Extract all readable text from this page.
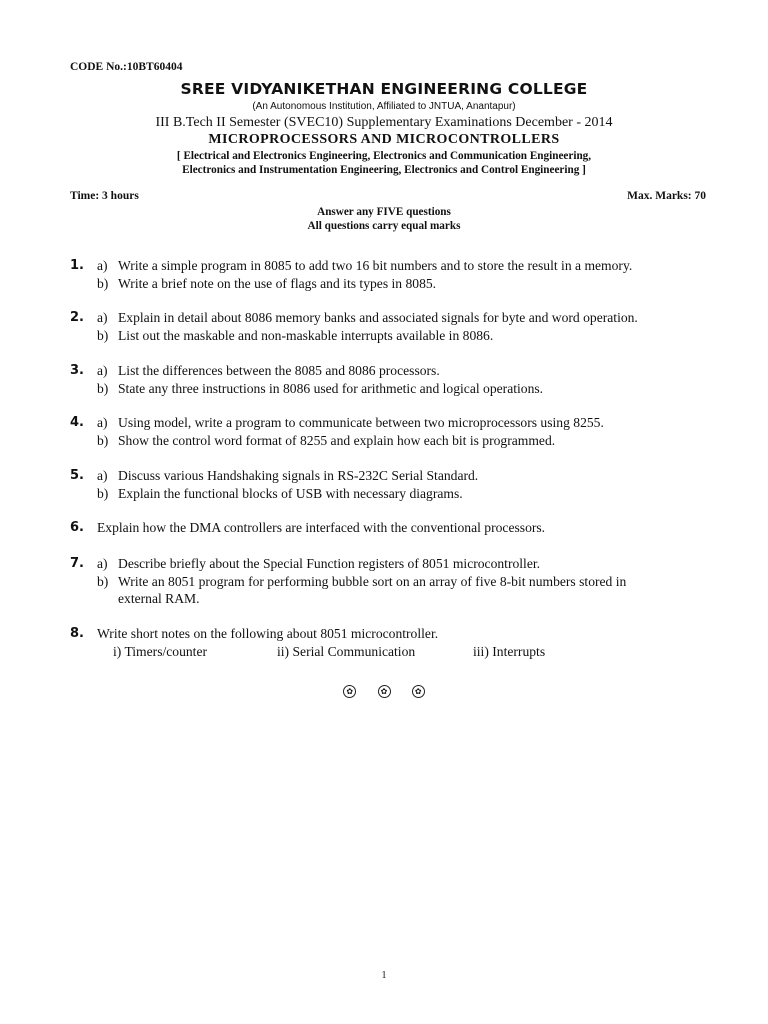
CODE No.:10BT60404
SREE VIDYANIKETHAN ENGINEERING COLLEGE
(An Autonomous Institution, Affiliated to JNTUA, Anantapur)
III B.Tech II Semester (SVEC10) Supplementary Examinations December - 2014
MICROPROCESSORS AND MICROCONTROLLERS
[ Electrical and Electronics Engineering, Electronics and Communication Engineering,
Electronics and Instrumentation Engineering, Electronics and Control Engineering ]
Time: 3 hours	Max. Marks: 70
Answer any FIVE questions
All questions carry equal marks
1. a) Write a simple program in 8085 to add two 16 bit numbers and to store the result in a memory.
b) Write a brief note on the use of flags and its types in 8085.
2. a) Explain in detail about 8086 memory banks and associated signals for byte and word operation.
b) List out the maskable and non-maskable interrupts available in 8086.
3. a) List the differences between the 8085 and 8086 processors.
b) State any three instructions in 8086 used for arithmetic and logical operations.
4. a) Using model, write a program to communicate between two microprocessors using 8255.
b) Show the control word format of 8255 and explain how each bit is programmed.
5. a) Discuss various Handshaking signals in RS-232C Serial Standard.
b) Explain the functional blocks of USB with necessary diagrams.
6. Explain how the DMA controllers are interfaced with the conventional processors.
7. a) Describe briefly about the Special Function registers of 8051 microcontroller.
b) Write an 8051 program for performing bubble sort on an array of five 8-bit numbers stored in
external RAM.
8. Write short notes on the following about 8051 microcontroller.
i) Timers/counter	ii) Serial Communication	iii) Interrupts
✿	✿	✿
1
